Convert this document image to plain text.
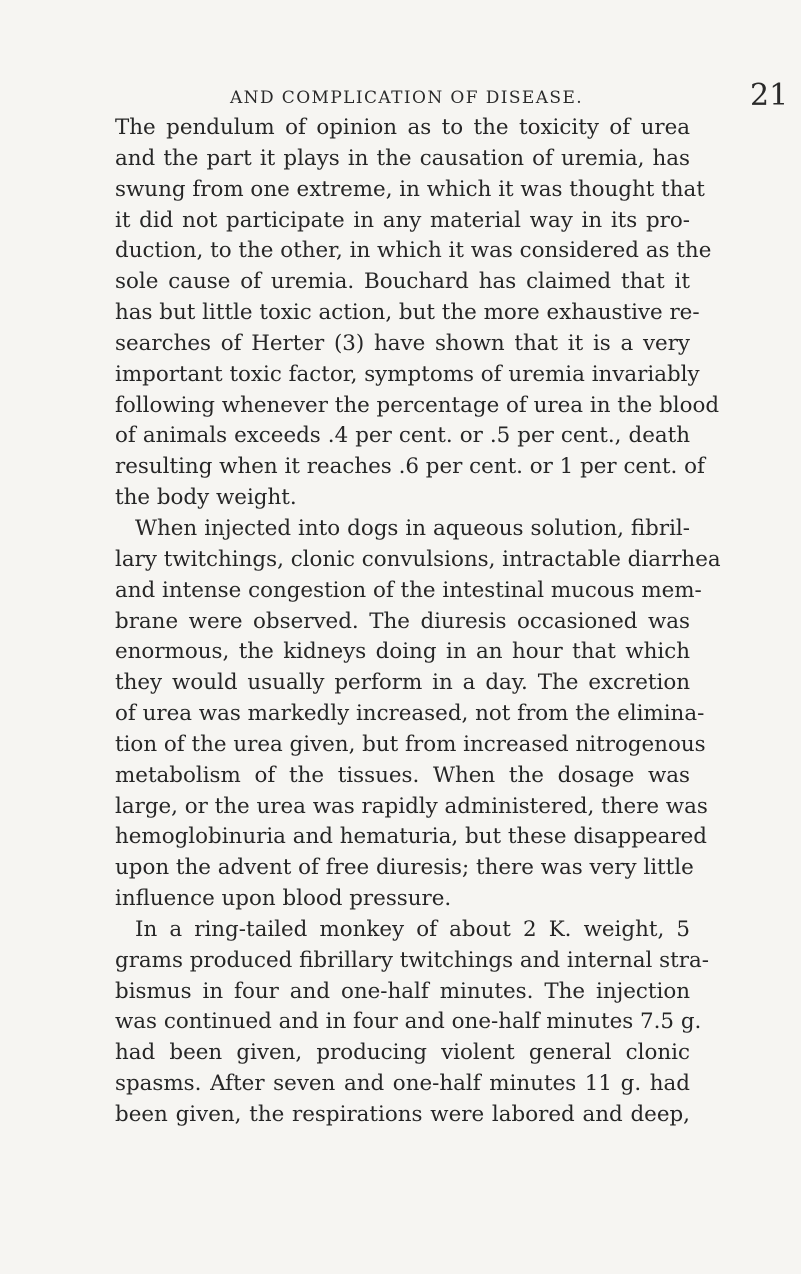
AND COMPLICATION OF DISEASE.	21
The pendulum of opinion as to the toxicity of urea
and the part it plays in the causation of uremia, has
swung from one extreme, in which it was thought that
it did not participate in any material way in its pro-
duction, to the other, in which it was considered as the
sole cause of uremia. Bouchard has claimed that it
has but little toxic action, but the more exhaustive re-
searches of Herter (3) have shown that it is a very
important toxic factor, symptoms of uremia invariably
following whenever the percentage of urea in the blood
of animals exceeds .4 per cent. or .5 per cent., death
resulting when it reaches .6 per cent. or 1 per cent. of
the body weight.
When injected into dogs in aqueous solution, fibril-
lary twitchings, clonic convulsions, intractable diarrhea
and intense congestion of the intestinal mucous mem-
brane were observed. The diuresis occasioned was
enormous, the kidneys doing in an hour that which
they would usually perform in a day. The excretion
of urea was markedly increased, not from the elimina-
tion of the urea given, but from increased nitrogenous
metabolism of the tissues. When the dosage was
large, or the urea was rapidly administered, there was
hemoglobinuria and hematuria, but these disappeared
upon the advent of free diuresis; there was very little
influence upon blood pressure.
In a ring-tailed monkey of about 2 K. weight, 5
grams produced fibrillary twitchings and internal stra-
bismus in four and one-half minutes. The injection
was continued and in four and one-half minutes 7.5 g.
had been given, producing violent general clonic
spasms. After seven and one-half minutes 11 g. had
been given, the respirations were labored and deep,
